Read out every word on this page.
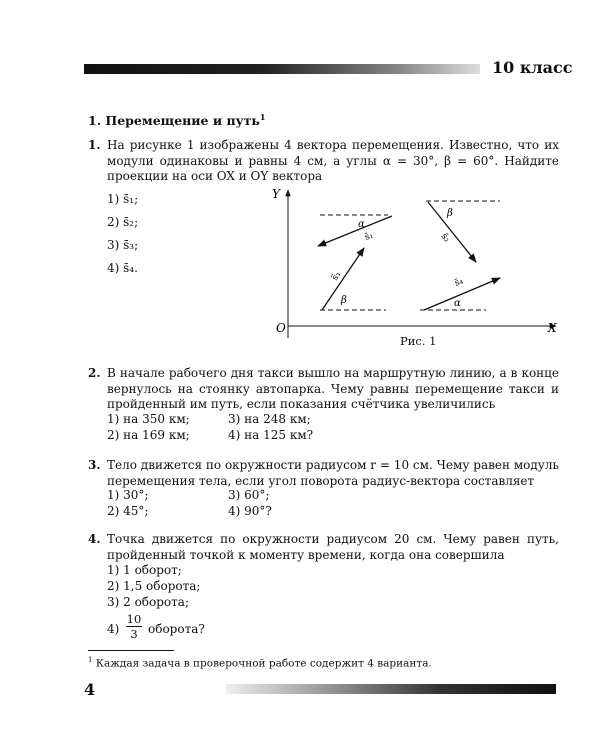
10 класс
1. Перемещение и путь$^1$
1. На рисунке 1 изображены 4 вектора перемещения. Известно, что их модули одинаковы и равны 4 см, а углы α = 30°, β = 60°. Найдите проекции на оси OX и OY вектора
1) s̄₁;
2) s̄₂;
3) s̄₃;
4) s̄₄.
Y
X
O
α
s̄₁
β
s̄₂
β
s̄₃
α
s̄₄
Рис. 1
2. В начале рабочего дня такси вышло на маршрутную линию, а в конце вернулось на стоянку автопарка. Чему равны перемещение такси и пройденный им путь, если показания счётчика увеличились
1) на 350 км;	3) на 248 км;
2) на 169 км;	4) на 125 км?
3. Тело движется по окружности радиусом r = 10 см. Чему равен модуль перемещения тела, если угол поворота радиус-вектора составляет
1) 30°;	3) 60°;
2) 45°;	4) 90°?
4. Точка движется по окружности радиусом 20 см. Чему равен путь, пройденный точкой к моменту времени, когда она совершила
1) 1 оборот;
2) 1,5 оборота;
3) 2 оборота;
$4) \frac{10}{3}$ оборота?
$^1$ Каждая задача в проверочной работе содержит 4 варианта.
4
